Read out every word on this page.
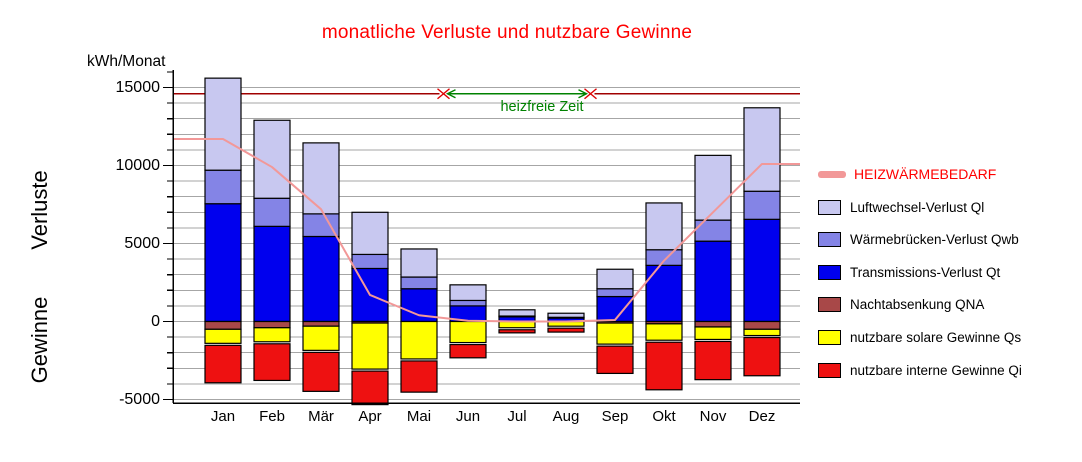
monatliche Verluste und nutzbare Gewinne
kWh/Monat
Verluste
Gewinne
heizfreie Zeit
15000
10000
5000
0
-5000
Jan	Feb	Mär	Apr	Mai	Jun	Jul	Aug	Sep	Okt	Nov	Dez
HEIZWÄRMEBEDARF
Luftwechsel-Verlust Ql
Wärmebrücken-Verlust Qwb
Transmissions-Verlust Qt
Nachtabsenkung QNA
nutzbare solare Gewinne Qs
nutzbare interne Gewinne Qi
